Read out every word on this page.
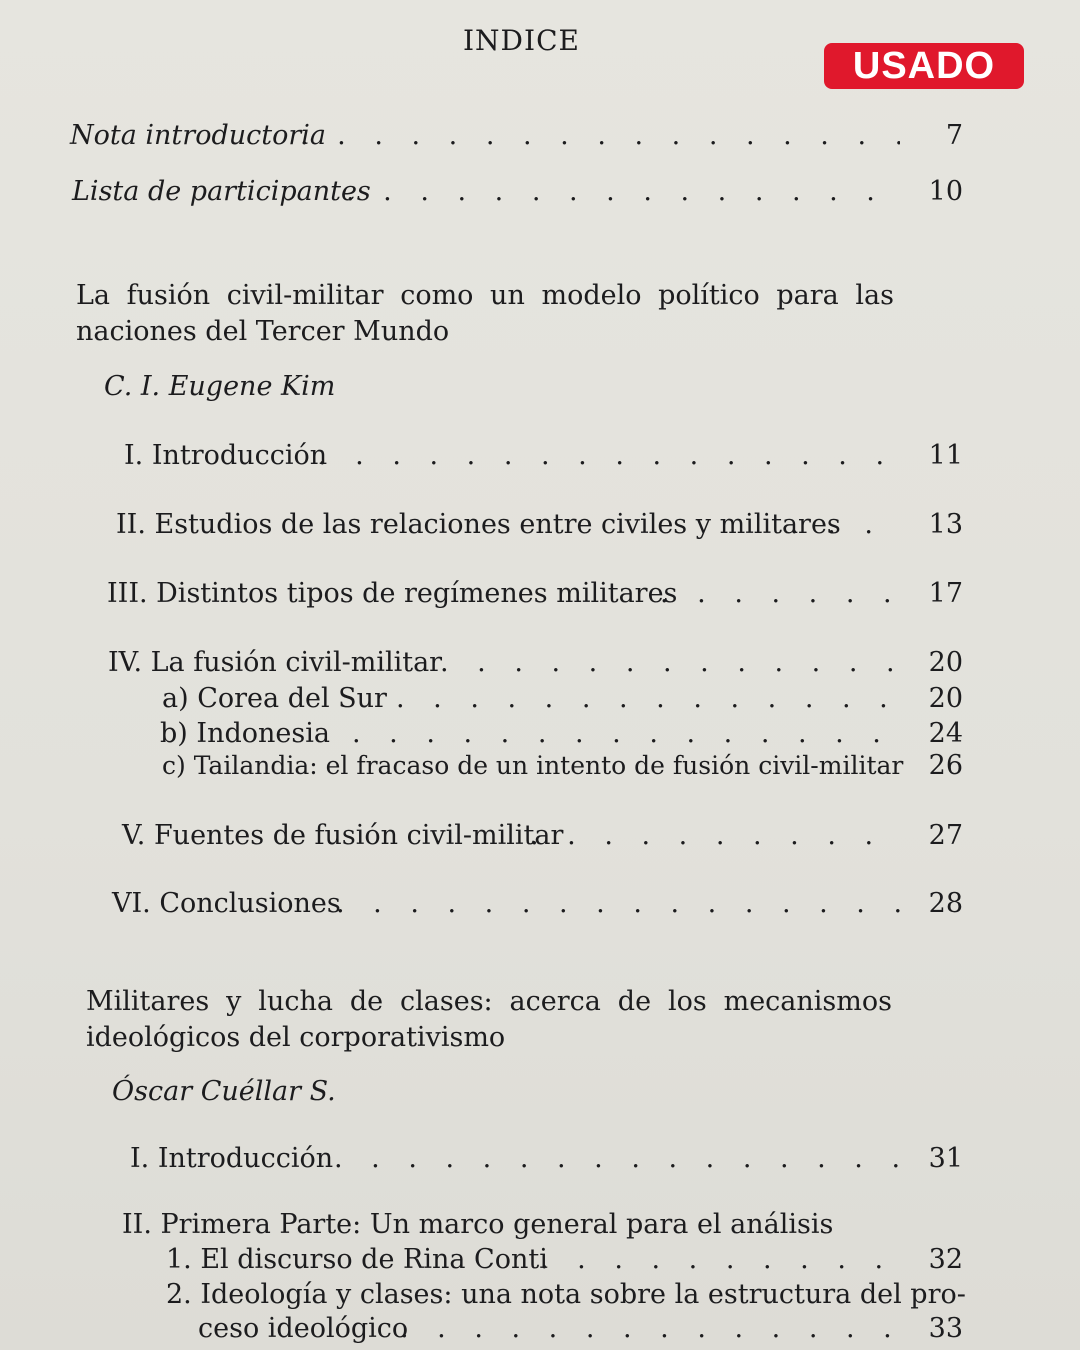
INDICE
USADO
Nota introductoria . . .	7
Lista de participantes . . .	10
La fusión civil-militar como un modelo político para las naciones del Tercer Mundo
C. I. Eugene Kim
I. Introducción . . .	11
II. Estudios de las relaciones entre civiles y militares . . .	13
III. Distintos tipos de regímenes militares . . .	17
IV. La fusión civil-militar . . .	20
a) Corea del Sur . . .	20
b) Indonesia . . .	24
c) Tailandia: el fracaso de un intento de fusión civil-militar 26
V. Fuentes de fusión civil-militar . . .	27
VI. Conclusiones . . .	28
Militares y lucha de clases: acerca de los mecanismos ideológicos del corporativismo
Óscar Cuéllar S.
I. Introducción . . .	31
II. Primera Parte: Un marco general para el análisis
1. El discurso de Rina Conti . . .	32
2. Ideología y clases: una nota sobre la estructura del pro-
ceso ideológico . . .	33
